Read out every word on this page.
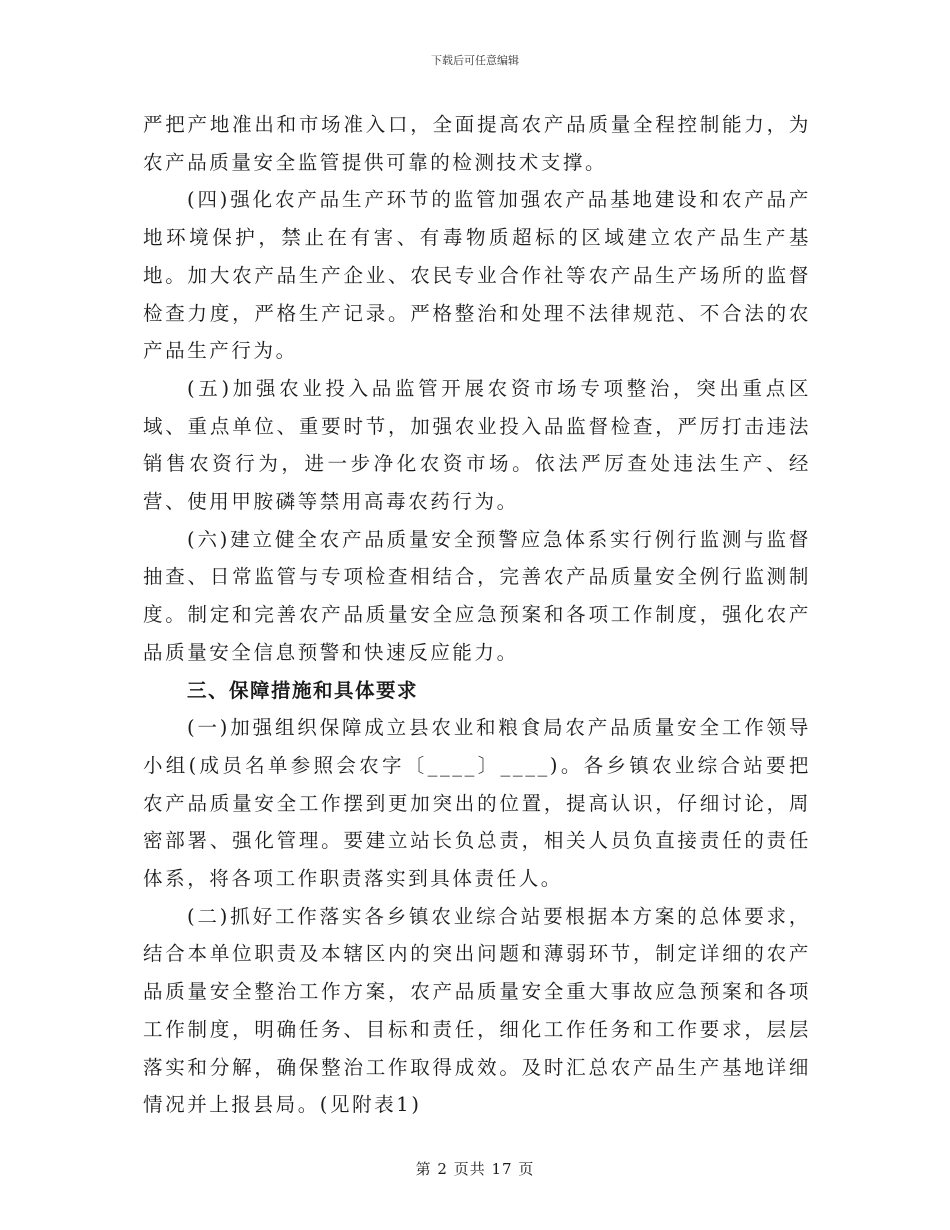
下载后可任意编辑

严把产地准出和市场准入口，全面提高农产品质量全程控制能力，为农产品质量安全监管提供可靠的检测技术支撑。

(四)强化农产品生产环节的监管加强农产品基地建设和农产品产地环境保护，禁止在有害、有毒物质超标的区域建立农产品生产基地。加大农产品生产企业、农民专业合作社等农产品生产场所的监督检查力度，严格生产记录。严格整治和处理不法律规范、不合法的农产品生产行为。

(五)加强农业投入品监管开展农资市场专项整治，突出重点区域、重点单位、重要时节，加强农业投入品监督检查，严厉打击违法销售农资行为，进一步净化农资市场。依法严厉查处违法生产、经营、使用甲胺磷等禁用高毒农药行为。

(六)建立健全农产品质量安全预警应急体系实行例行监测与监督抽查、日常监管与专项检查相结合，完善农产品质量安全例行监测制度。制定和完善农产品质量安全应急预案和各项工作制度，强化农产品质量安全信息预警和快速反应能力。

三、保障措施和具体要求

(一)加强组织保障成立县农业和粮食局农产品质量安全工作领导小组(成员名单参照会农字〔____〕____)。各乡镇农业综合站要把农产品质量安全工作摆到更加突出的位置，提高认识，仔细讨论，周密部署、强化管理。要建立站长负总责，相关人员负直接责任的责任体系，将各项工作职责落实到具体责任人。

(二)抓好工作落实各乡镇农业综合站要根据本方案的总体要求，结合本单位职责及本辖区内的突出问题和薄弱环节，制定详细的农产品质量安全整治工作方案，农产品质量安全重大事故应急预案和各项工作制度，明确任务、目标和责任，细化工作任务和工作要求，层层落实和分解，确保整治工作取得成效。及时汇总农产品生产基地详细情况并上报县局。(见附表1)

第 2 页共 17 页
